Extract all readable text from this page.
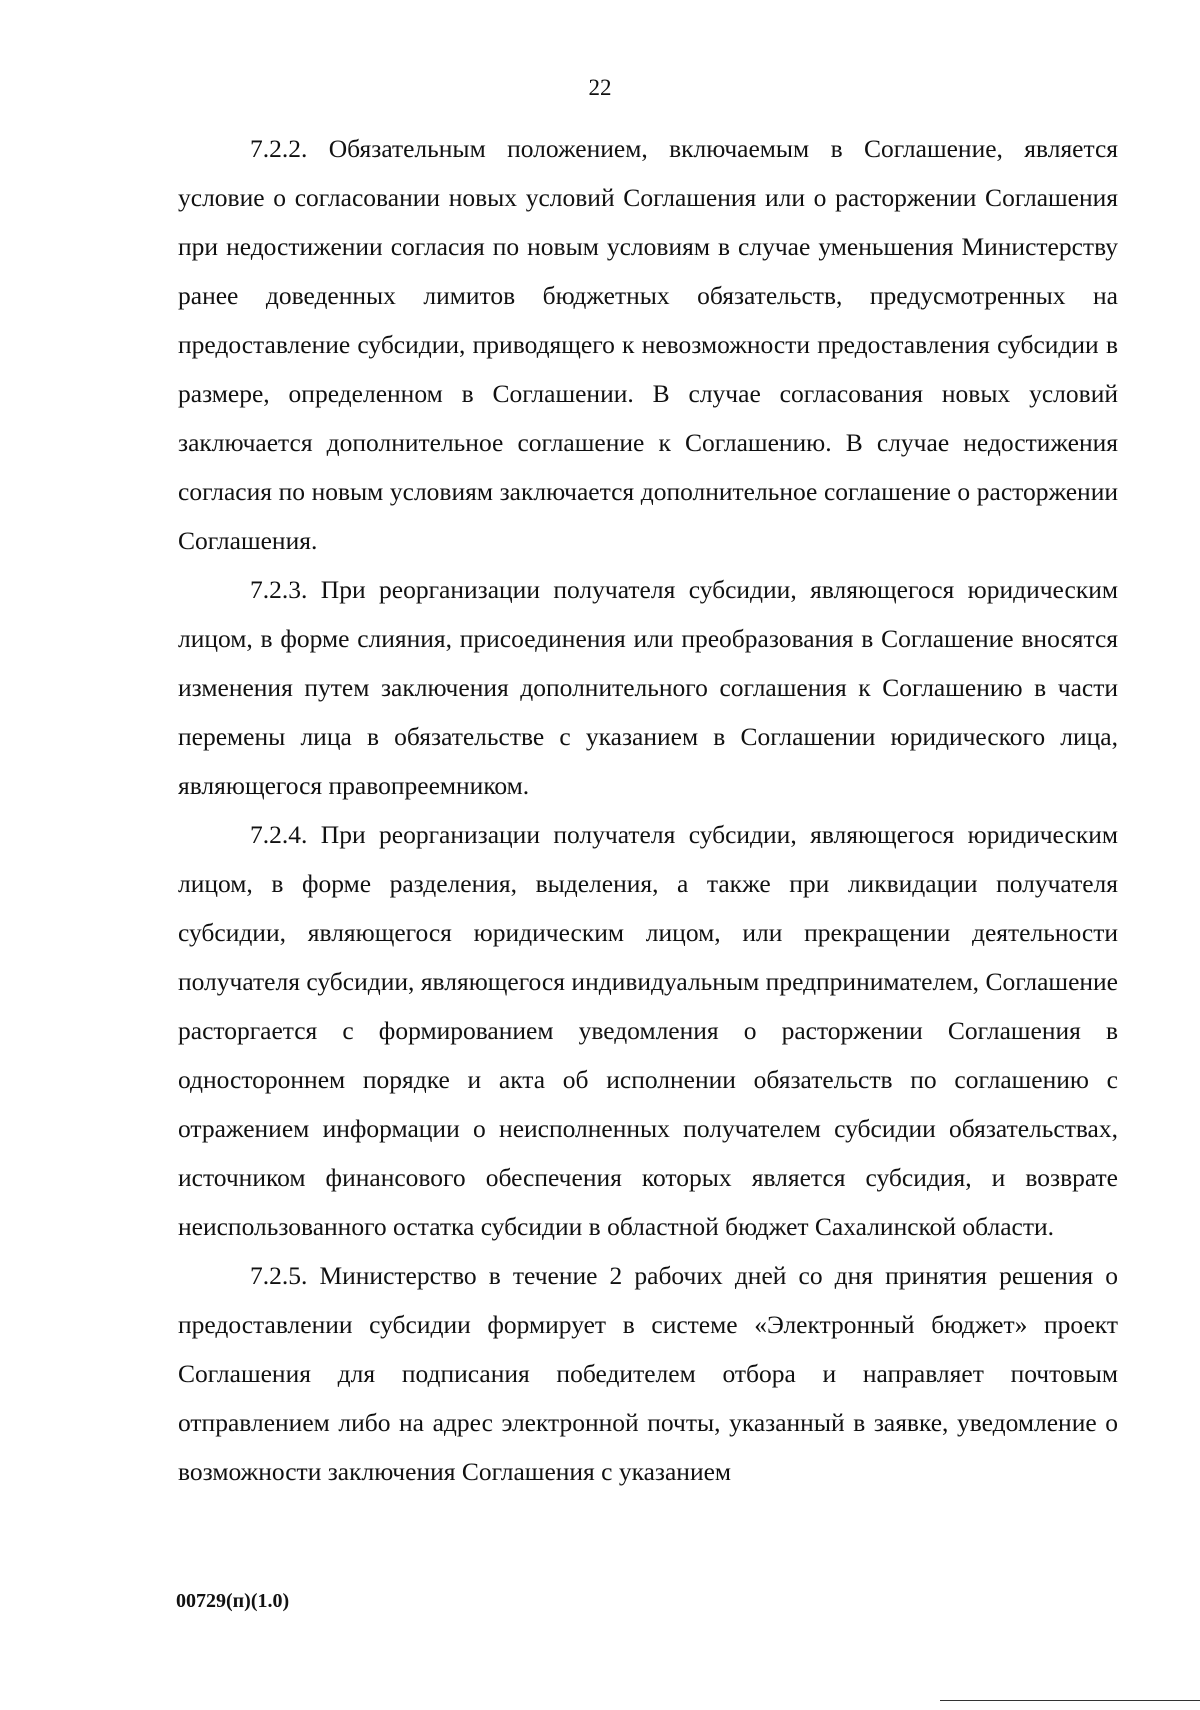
22

7.2.2. Обязательным положением, включаемым в Соглашение, является условие о согласовании новых условий Соглашения или о расторжении Соглашения при недостижении согласия по новым условиям в случае уменьшения Министерству ранее доведенных лимитов бюджетных обязательств, предусмотренных на предоставление субсидии, приводящего к невозможности предоставления субсидии в размере, определенном в Соглашении. В случае согласования новых условий заключается дополнительное соглашение к Соглашению. В случае недостижения согласия по новым условиям заключается дополнительное соглашение о расторжении Соглашения.

7.2.3. При реорганизации получателя субсидии, являющегося юридическим лицом, в форме слияния, присоединения или преобразования в Соглашение вносятся изменения путем заключения дополнительного соглашения к Соглашению в части перемены лица в обязательстве с указанием в Соглашении юридического лица, являющегося правопреемником.

7.2.4. При реорганизации получателя субсидии, являющегося юридическим лицом, в форме разделения, выделения, а также при ликвидации получателя субсидии, являющегося юридическим лицом, или прекращении деятельности получателя субсидии, являющегося индивидуальным предпринимателем, Соглашение расторгается с формированием уведомления о расторжении Соглашения в одностороннем порядке и акта об исполнении обязательств по соглашению с отражением информации о неисполненных получателем субсидии обязательствах, источником финансового обеспечения которых является субсидия, и возврате неиспользованного остатка субсидии в областной бюджет Сахалинской области.

7.2.5. Министерство в течение 2 рабочих дней со дня принятия решения о предоставлении субсидии формирует в системе «Электронный бюджет» проект Соглашения для подписания победителем отбора и направляет почтовым отправлением либо на адрес электронной почты, указанный в заявке, уведомление о возможности заключения Соглашения с указанием

00729(п)(1.0)
